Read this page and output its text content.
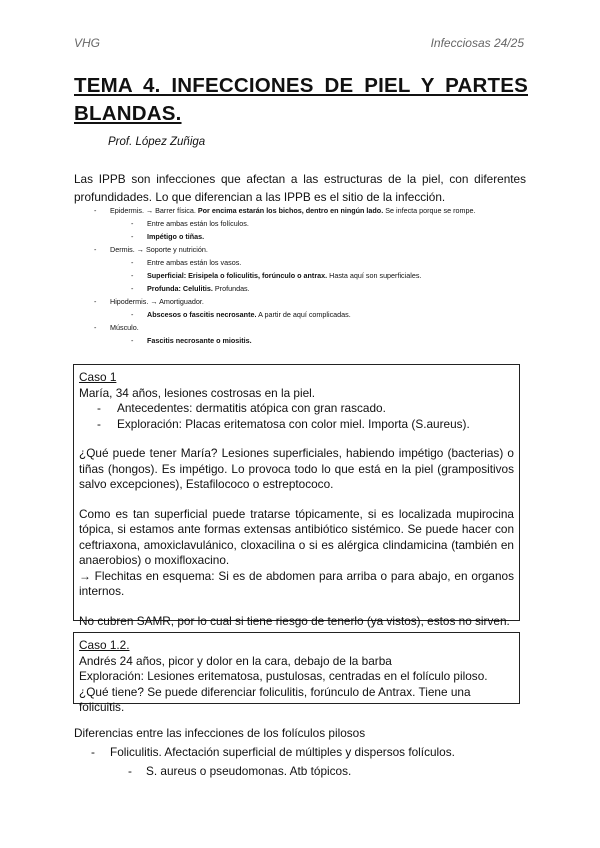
VHG	Infecciosas 24/25
TEMA 4. INFECCIONES DE PIEL Y PARTES BLANDAS.
Prof. López Zuñiga

Las IPPB son infecciones que afectan a las estructuras de la piel, con diferentes profundidades. Lo que diferencian a las IPPB es el sitio de la infección.

- Epidermis. → Barrer física. Por encima estarán los bichos, dentro en ningún lado. Se infecta porque se rompe.
- Entre ambas están los folículos.
- Impétigo o tiñas.
- Dermis. → Soporte y nutrición.
- Entre ambas están los vasos.
- Superficial: Erisipela o foliculitis, forúnculo o antrax. Hasta aquí son superficiales.
- Profunda: Celulitis. Profundas.
- Hipodermis. → Amortiguador.
- Abscesos o fascitis necrosante. A partir de aquí complicadas.
- Músculo.
- Fascitis necrosante o miositis.
Caso 1
María, 34 años, lesiones costrosas en la piel.
- Antecedentes: dermatitis atópica con gran rascado.
- Exploración: Placas eritematosa con color miel. Importa (S.aureus).

¿Qué puede tener María? Lesiones superficiales, habiendo impétigo (bacterias) o tiñas (hongos). Es impétigo. Lo provoca todo lo que está en la piel (grampositivos salvo excepciones), Estafilococo o estreptococo.

Como es tan superficial puede tratarse tópicamente, si es localizada mupirocina tópica, si estamos ante formas extensas antibiótico sistémico. Se puede hacer con ceftriaxona, amoxiclavulánico, cloxacilina o si es alérgica clindamicina (también en anaerobios) o moxifloxacino.

→ Flechitas en esquema: Si es de abdomen para arriba o para abajo, en organos internos.

No cubren SAMR, por lo cual si tiene riesgo de tenerlo (ya vistos), estos no sirven.

Caso 1.2.
Andrés 24 años, picor y dolor en la cara, debajo de la barba
Exploración: Lesiones eritematosa, pustulosas, centradas en el folículo piloso.
¿Qué tiene? Se puede diferenciar foliculitis, forúnculo de Antrax. Tiene una folicuitis.
Diferencias entre las infecciones de los folículos pilosos
- Foliculitis. Afectación superficial de múltiples y dispersos folículos.
- S. aureus o pseudomonas. Atb tópicos.
